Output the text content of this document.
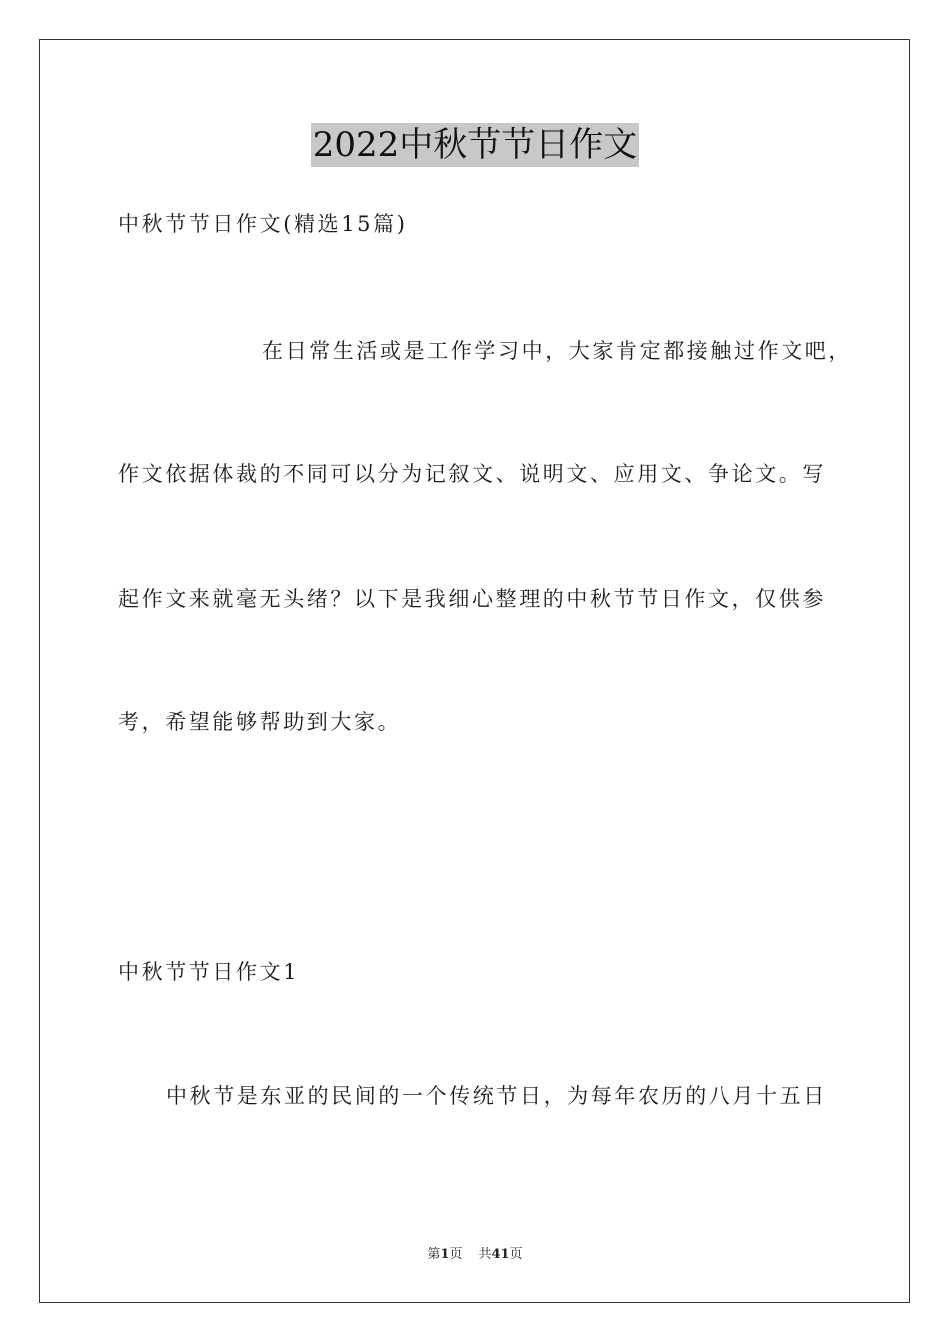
2022中秋节节日作文
中秋节节日作文(精选15篇)
在日常生活或是工作学习中，大家肯定都接触过作文吧，
作文依据体裁的不同可以分为记叙文、说明文、应用文、争论文。写
起作文来就毫无头绪？以下是我细心整理的中秋节节日作文，仅供参
考，希望能够帮助到大家。
中秋节节日作文1
中秋节是东亚的民间的一个传统节日，为每年农历的八月十五日
第1页 共41页
